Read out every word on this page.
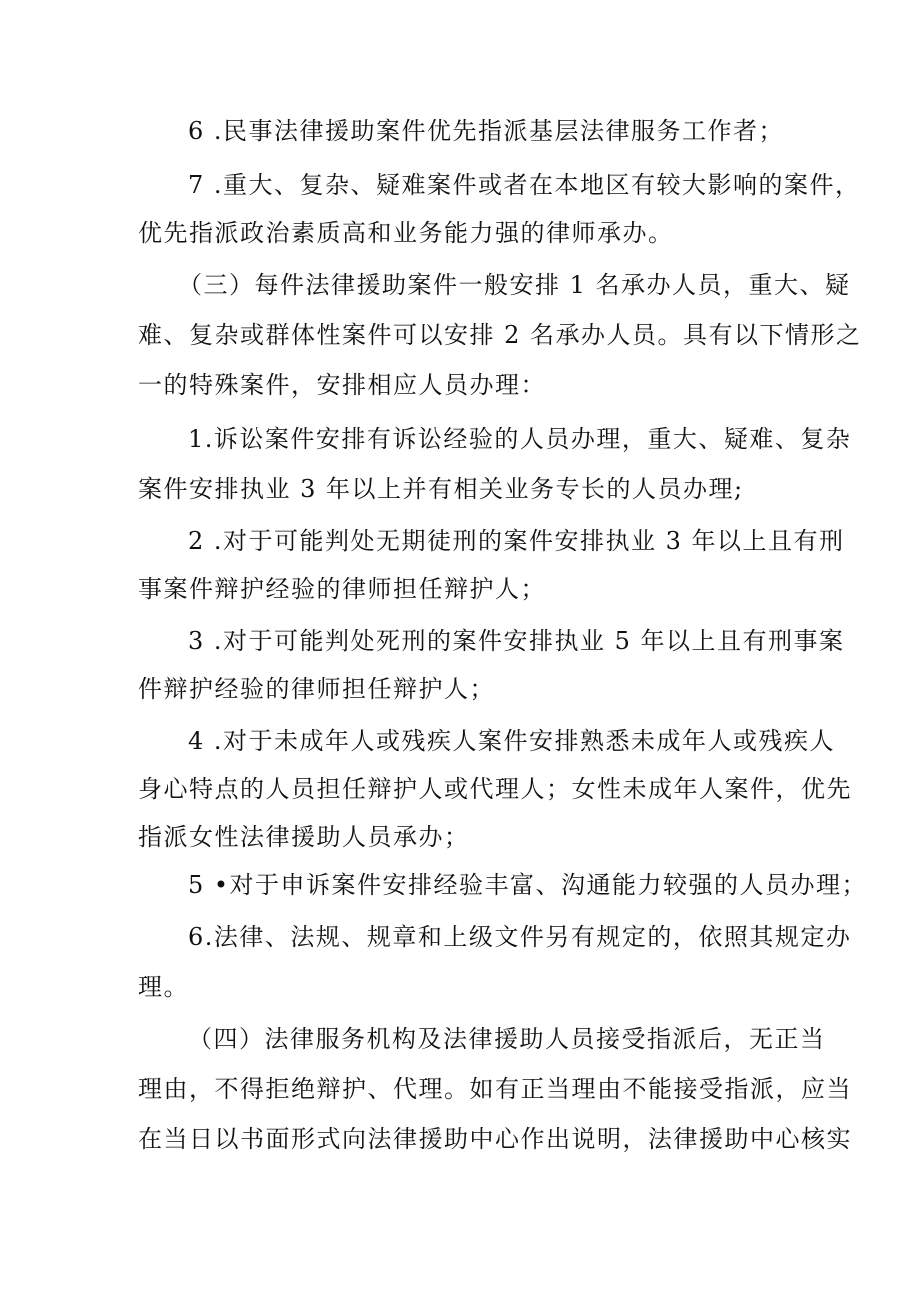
6 .民事法律援助案件优先指派基层法律服务工作者；
7 .重大、复杂、疑难案件或者在本地区有较大影响的案件，
优先指派政治素质高和业务能力强的律师承办。
（三）每件法律援助案件一般安排 1 名承办人员，重大、疑
难、复杂或群体性案件可以安排 2 名承办人员。具有以下情形之
一的特殊案件，安排相应人员办理：
1.诉讼案件安排有诉讼经验的人员办理，重大、疑难、复杂
案件安排执业 3 年以上并有相关业务专长的人员办理;
2 .对于可能判处无期徒刑的案件安排执业 3 年以上且有刑
事案件辩护经验的律师担任辩护人；
3 .对于可能判处死刑的案件安排执业 5 年以上且有刑事案
件辩护经验的律师担任辩护人；
4 .对于未成年人或残疾人案件安排熟悉未成年人或残疾人
身心特点的人员担任辩护人或代理人；女性未成年人案件，优先
指派女性法律援助人员承办；
5 •对于申诉案件安排经验丰富、沟通能力较强的人员办理；
6.法律、法规、规章和上级文件另有规定的，依照其规定办
理。
（四）法律服务机构及法律援助人员接受指派后，无正当
理由，不得拒绝辩护、代理。如有正当理由不能接受指派，应当
在当日以书面形式向法律援助中心作出说明，法律援助中心核实
